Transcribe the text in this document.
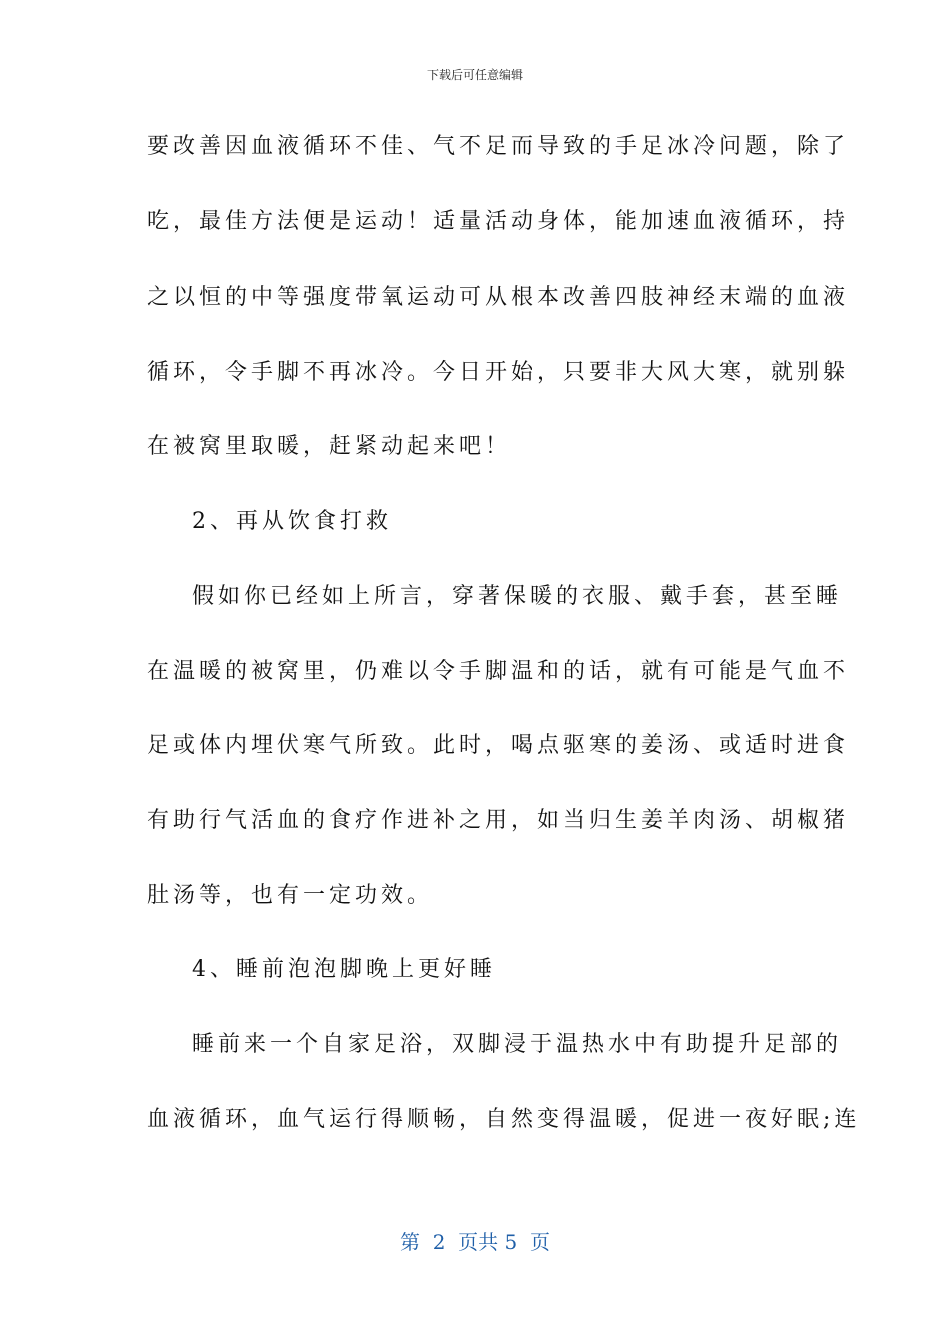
下载后可任意编辑
要改善因血液循环不佳、气不足而导致的手足冰冷问题，除了
吃，最佳方法便是运动！适量活动身体，能加速血液循环，持
之以恒的中等强度带氧运动可从根本改善四肢神经末端的血液
循环，令手脚不再冰冷。今日开始，只要非大风大寒，就别躲
在被窝里取暖，赶紧动起来吧！
2、再从饮食打救
假如你已经如上所言，穿著保暖的衣服、戴手套，甚至睡
在温暖的被窝里，仍难以令手脚温和的话，就有可能是气血不
足或体内埋伏寒气所致。此时，喝点驱寒的姜汤、或适时进食
有助行气活血的食疗作进补之用，如当归生姜羊肉汤、胡椒猪
肚汤等，也有一定功效。
4、睡前泡泡脚晚上更好睡
睡前来一个自家足浴，双脚浸于温热水中有助提升足部的
血液循环，血气运行得顺畅，自然变得温暖，促进一夜好眠;连
第  2  页共 5  页
